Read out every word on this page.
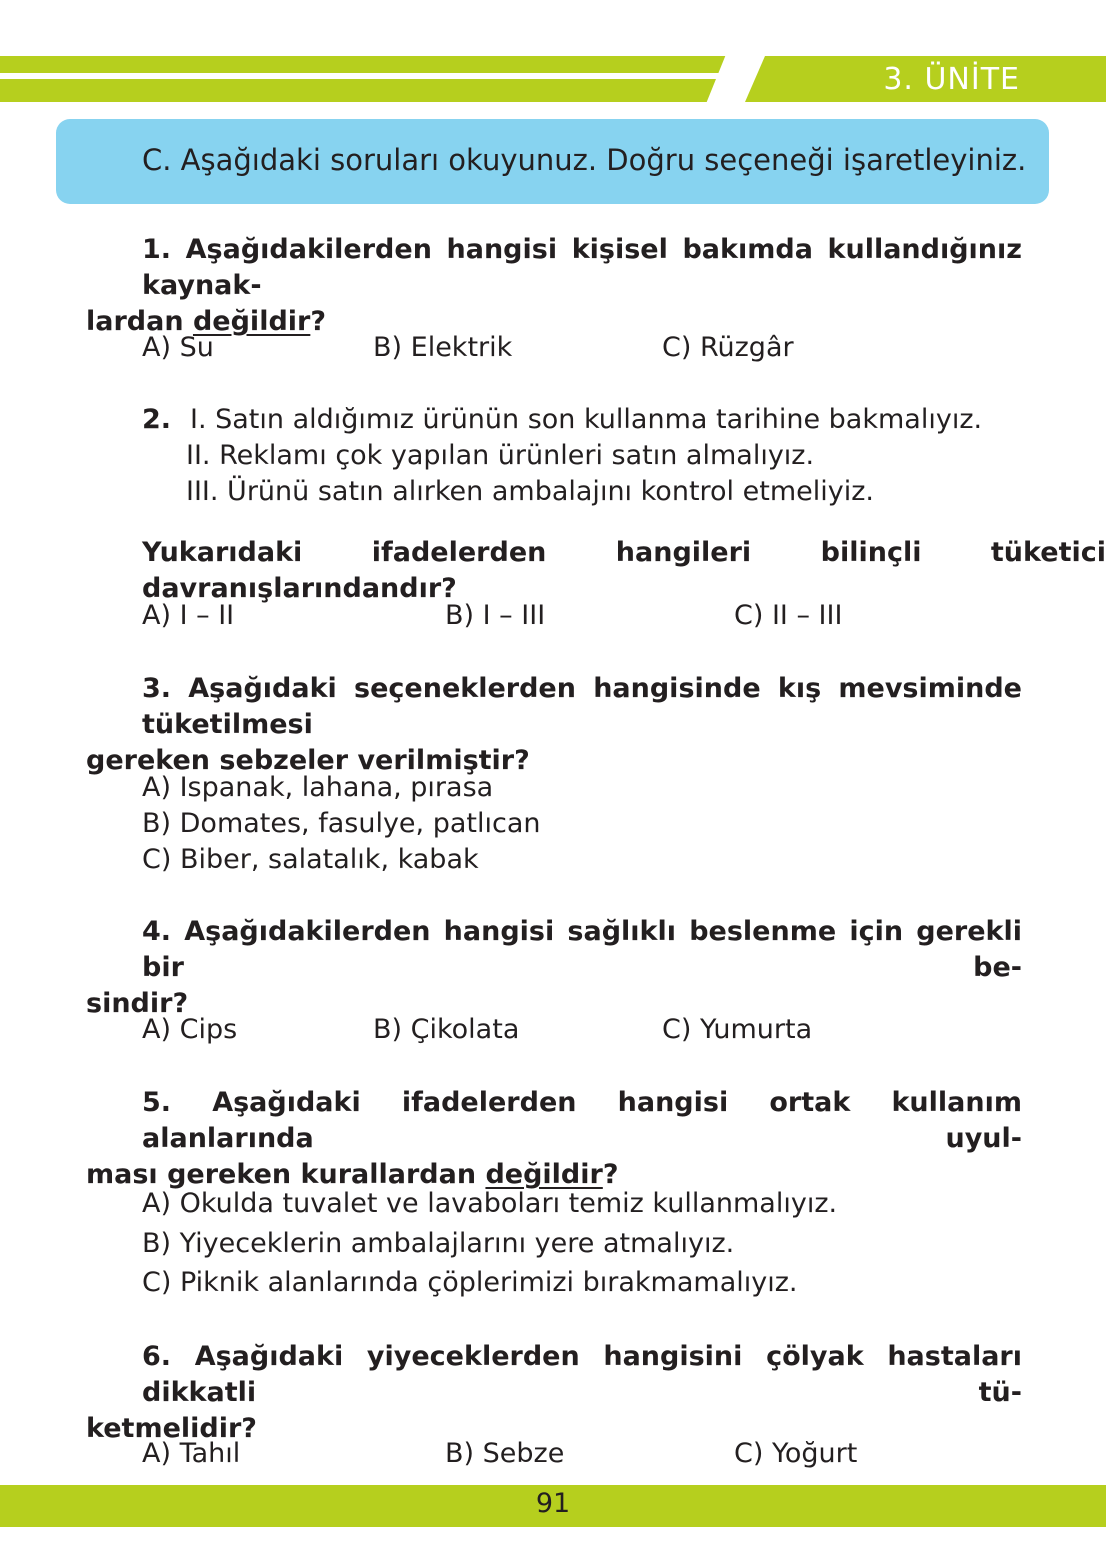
3. ÜNİTE
C. Aşağıdaki soruları okuyunuz. Doğru seçeneği işaretleyiniz.
1. Aşağıdakilerden hangisi kişisel bakımda kullandığınız kaynak-
lardan değildir?
A) Su	B) Elektrik	C) Rüzgâr
2. I. Satın aldığımız ürünün son kullanma tarihine bakmalıyız.
II. Reklamı çok yapılan ürünleri satın almalıyız.
III. Ürünü satın alırken ambalajını kontrol etmeliyiz.
Yukarıdaki ifadelerden hangileri bilinçli tüketici davranışlarındandır?
A) I – II	B) I – III	C) II – III
3. Aşağıdaki seçeneklerden hangisinde kış mevsiminde tüketilmesi
gereken sebzeler verilmiştir?
A) Ispanak, lahana, pırasa
B) Domates, fasulye, patlıcan
C) Biber, salatalık, kabak
4. Aşağıdakilerden hangisi sağlıklı beslenme için gerekli bir be-
sindir?
A) Cips	B) Çikolata	C) Yumurta
5. Aşağıdaki ifadelerden hangisi ortak kullanım alanlarında uyul-
ması gereken kurallardan değildir?
A) Okulda tuvalet ve lavaboları temiz kullanmalıyız.
B) Yiyeceklerin ambalajlarını yere atmalıyız.
C) Piknik alanlarında çöplerimizi bırakmamalıyız.
6. Aşağıdaki yiyeceklerden hangisini çölyak hastaları dikkatli tü-
ketmelidir?
A) Tahıl	B) Sebze	C) Yoğurt
91
